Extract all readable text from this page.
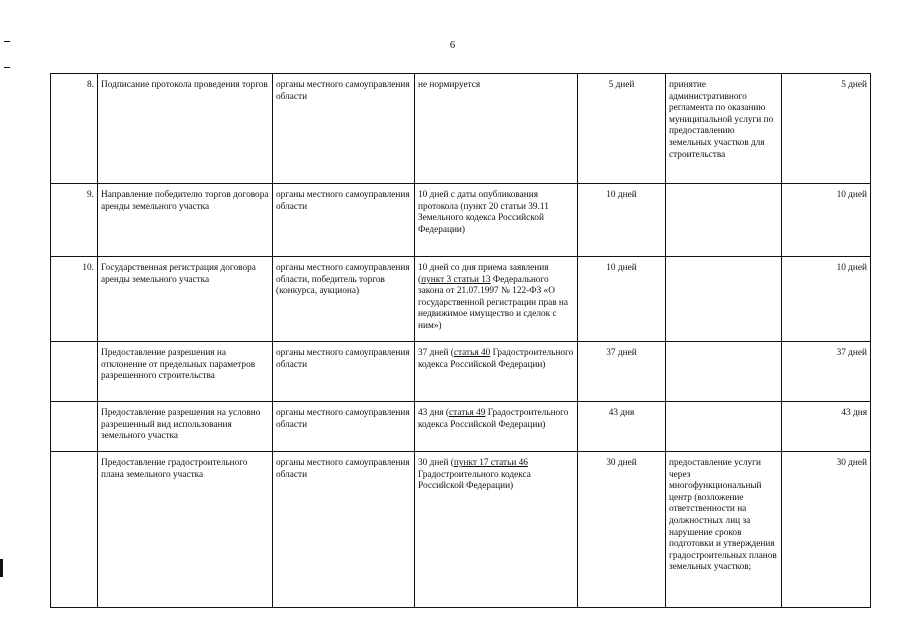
6
8.	Подписание протокола проведения торгов	органы местного самоуправления области	не нормируется	5 дней	принятие административного регламента по оказанию муниципальной услуги по предоставлению земельных участков для строительства	5 дней
9.	Направление победителю торгов договора аренды земельного участка	органы местного самоуправления области	10 дней с даты опубликования протокола (пункт 20 статьи 39.11 Земельного кодекса Российской Федерации)	10 дней		10 дней
10.	Государственная регистрация договора аренды земельного участка	органы местного самоуправления области, победитель торгов (конкурса, аукциона)	10 дней со дня приема заявления (пункт 3 статьи 13 Федерального закона от 21.07.1997 № 122-ФЗ «О государственной регистрации прав на недвижимое имущество и сделок с ним»)	10 дней		10 дней
	Предоставление разрешения на отклонение от предельных параметров разрешенного строительства	органы местного самоуправления области	37 дней (статья 40 Градостроительного кодекса Российской Федерации)	37 дней		37 дней
	Предоставление разрешения на условно разрешенный вид использования земельного участка	органы местного самоуправления области	43 дня (статья 49 Градостроительного кодекса Российской Федерации)	43 дня		43 дня
	Предоставление градостроительного плана земельного участка	органы местного самоуправления области	30 дней (пункт 17 статьи 46 Градостроительного кодекса Российской Федерации)	30 дней	предоставление услуги через многофункциональный центр (возложение ответственности на должностных лиц за нарушение сроков подготовки и утверждения градостроительных планов земельных участков;	30 дней
